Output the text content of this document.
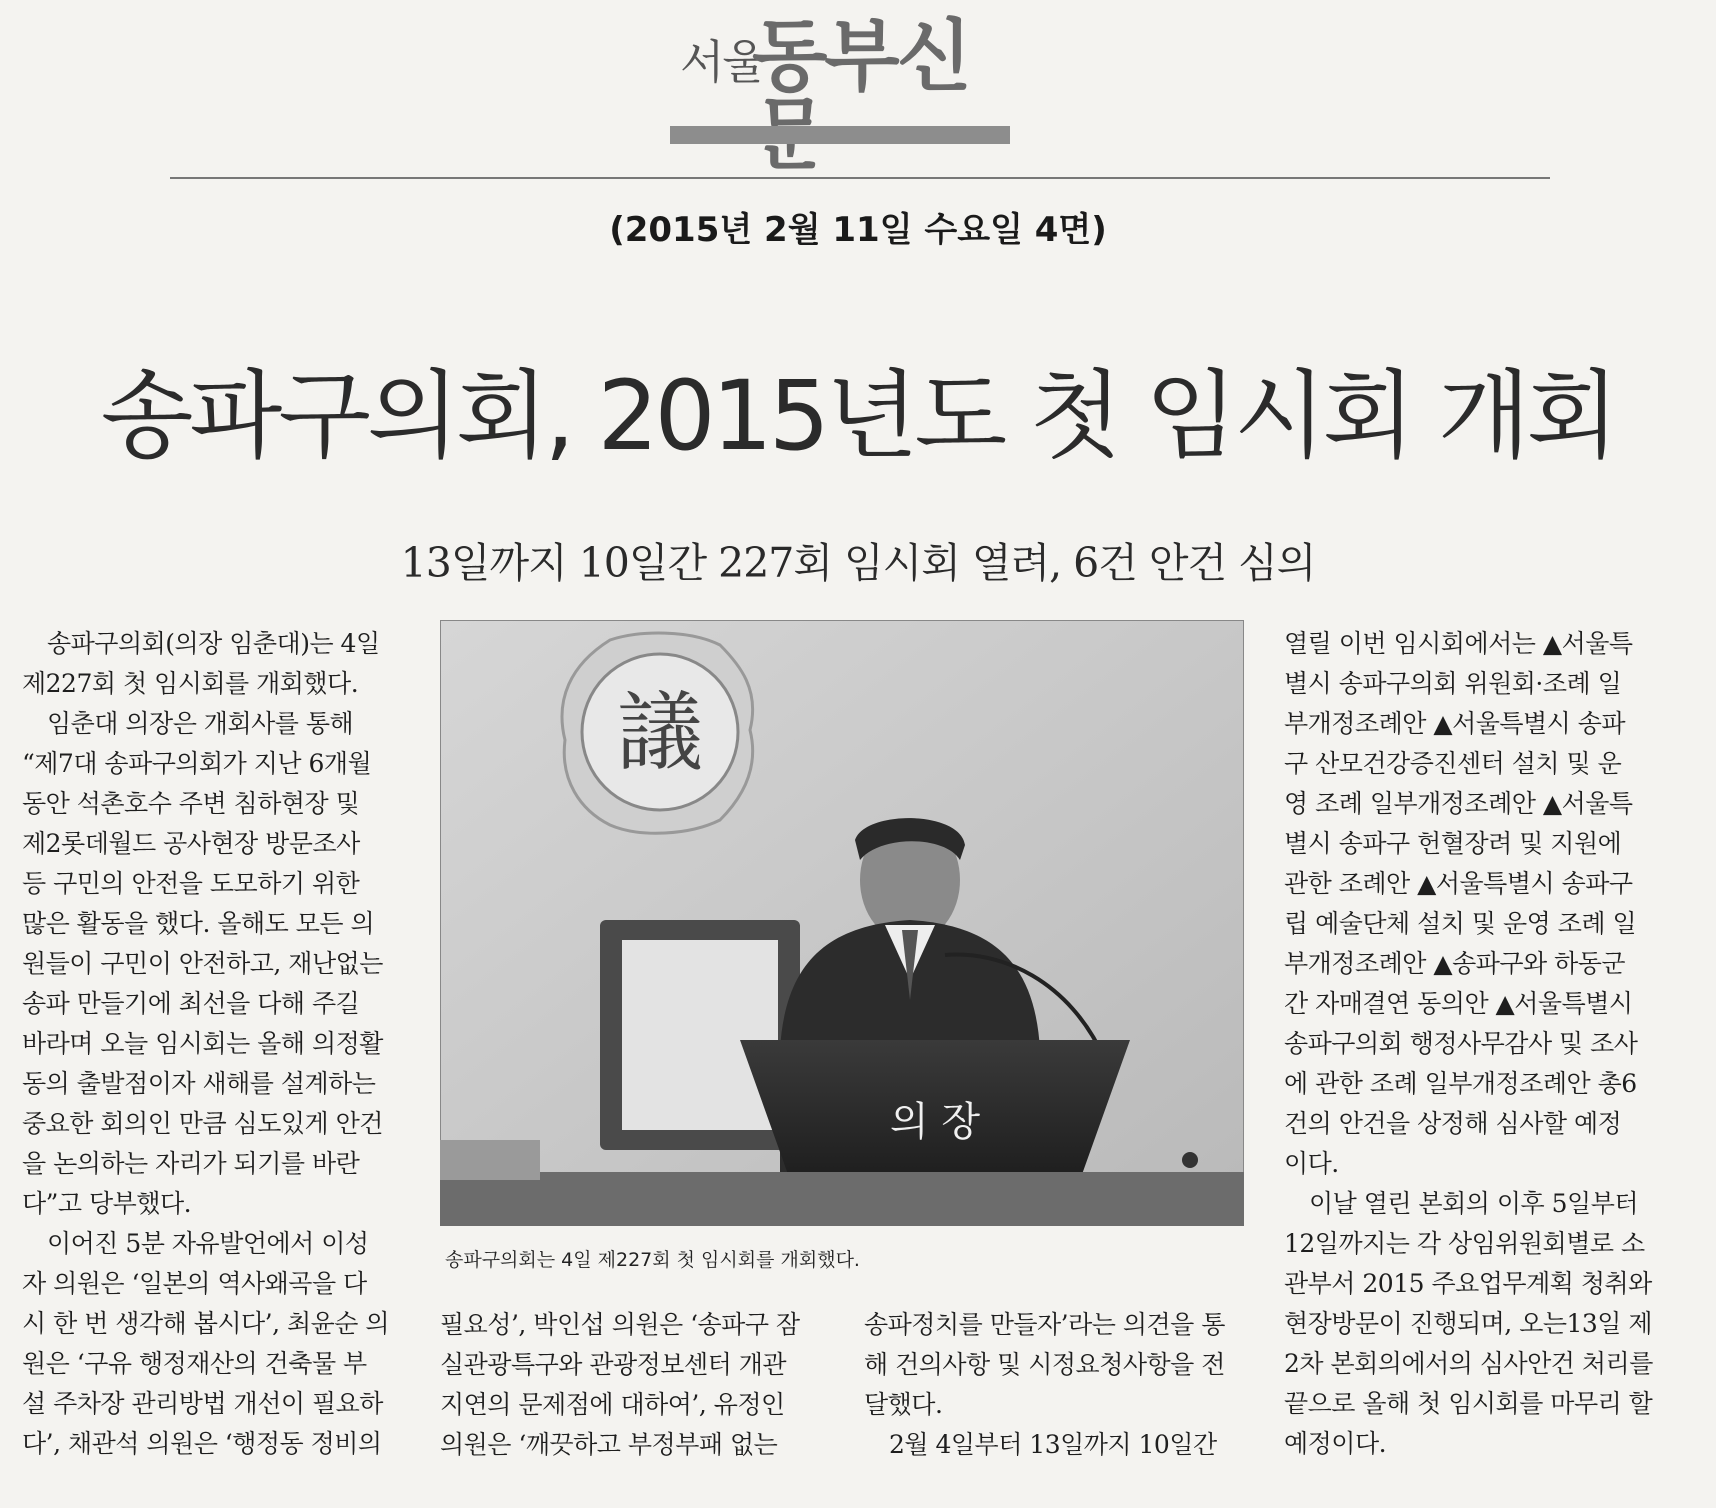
서울
동부신문
(2015년 2월 11일 수요일 4면)
송파구의회, 2015년도 첫 임시회 개회
13일까지 10일간 227회 임시회 열려, 6건 안건 심의
송파구의회(의장 임춘대)는 4일
제227회 첫 임시회를 개회했다.
임춘대 의장은 개회사를 통해
“제7대 송파구의회가 지난 6개월
동안 석촌호수 주변 침하현장 및
제2롯데월드 공사현장 방문조사
등 구민의 안전을 도모하기 위한
많은 활동을 했다. 올해도 모든 의
원들이 구민이 안전하고, 재난없는
송파 만들기에 최선을 다해 주길
바라며 오늘 임시회는 올해 의정활
동의 출발점이자 새해를 설계하는
중요한 회의인 만큼 심도있게 안건
을 논의하는 자리가 되기를 바란
다”고 당부했다.
이어진 5분 자유발언에서 이성
자 의원은 ‘일본의 역사왜곡을 다
시 한 번 생각해 봅시다’, 최윤순 의
원은 ‘구유 행정재산의 건축물 부
설 주차장 관리방법 개선이 필요하
다’, 채관석 의원은 ‘행정동 정비의
議
의 장
송파구의회는 4일 제227회 첫 임시회를 개회했다.
필요성’, 박인섭 의원은 ‘송파구 잠
실관광특구와 관광정보센터 개관
지연의 문제점에 대하여’, 유정인
의원은 ‘깨끗하고 부정부패 없는
송파정치를 만들자’라는 의견을 통
해 건의사항 및 시정요청사항을 전
달했다.
2월 4일부터 13일까지 10일간
열릴 이번 임시회에서는 ▲서울특
별시 송파구의회 위원회·조례 일
부개정조례안 ▲서울특별시 송파
구 산모건강증진센터 설치 및 운
영 조례 일부개정조례안 ▲서울특
별시 송파구 헌혈장려 및 지원에
관한 조례안 ▲서울특별시 송파구
립 예술단체 설치 및 운영 조례 일
부개정조례안 ▲송파구와 하동군
간 자매결연 동의안 ▲서울특별시
송파구의회 행정사무감사 및 조사
에 관한 조례 일부개정조례안 총6
건의 안건을 상정해 심사할 예정
이다.
이날 열린 본회의 이후 5일부터
12일까지는 각 상임위원회별로 소
관부서 2015 주요업무계획 청취와
현장방문이 진행되며, 오는13일 제
2차 본회의에서의 심사안건 처리를
끝으로 올해 첫 임시회를 마무리 할
예정이다.
